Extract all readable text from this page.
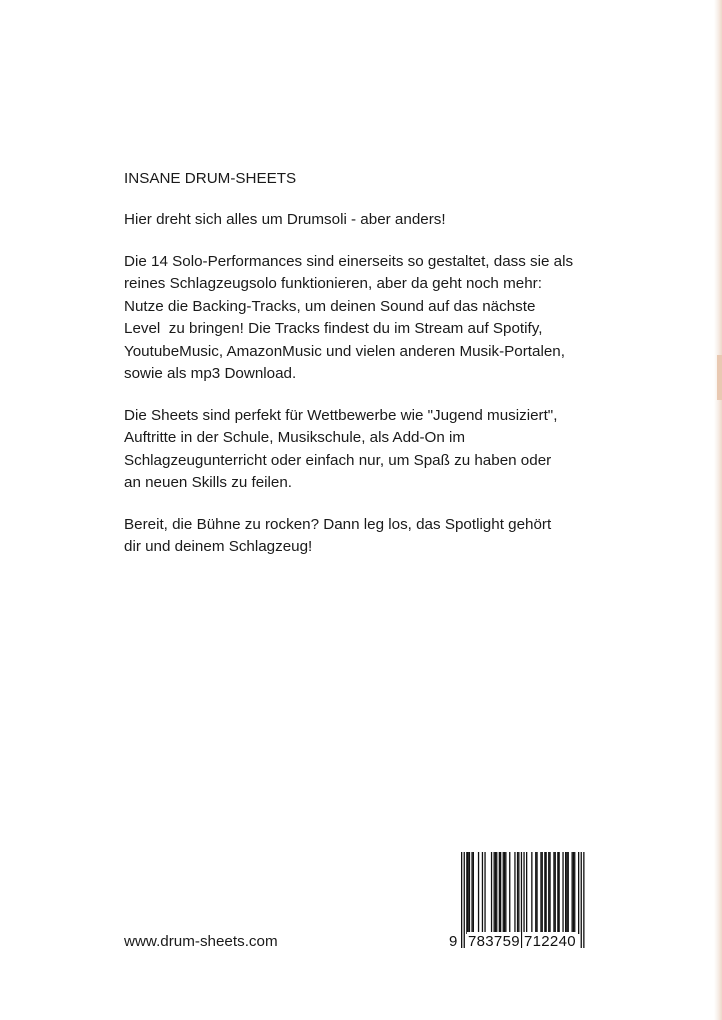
INSANE DRUM-SHEETS

Hier dreht sich alles um Drumsoli - aber anders!

Die 14 Solo-Performances sind einerseits so gestaltet, dass sie als
reines Schlagzeugsolo funktionieren, aber da geht noch mehr:
Nutze die Backing-Tracks, um deinen Sound auf das nächste
Level  zu bringen! Die Tracks findest du im Stream auf Spotify,
YoutubeMusic, AmazonMusic und vielen anderen Musik-Portalen,
sowie als mp3 Download.

Die Sheets sind perfekt für Wettbewerbe wie "Jugend musiziert",
Auftritte in der Schule, Musikschule, als Add-On im
Schlagzeugunterricht oder einfach nur, um Spaß zu haben oder
an neuen Skills zu feilen.

Bereit, die Bühne zu rocken? Dann leg los, das Spotlight gehört
dir und deinem Schlagzeug!

www.drum-sheets.com	9 783759 712240
